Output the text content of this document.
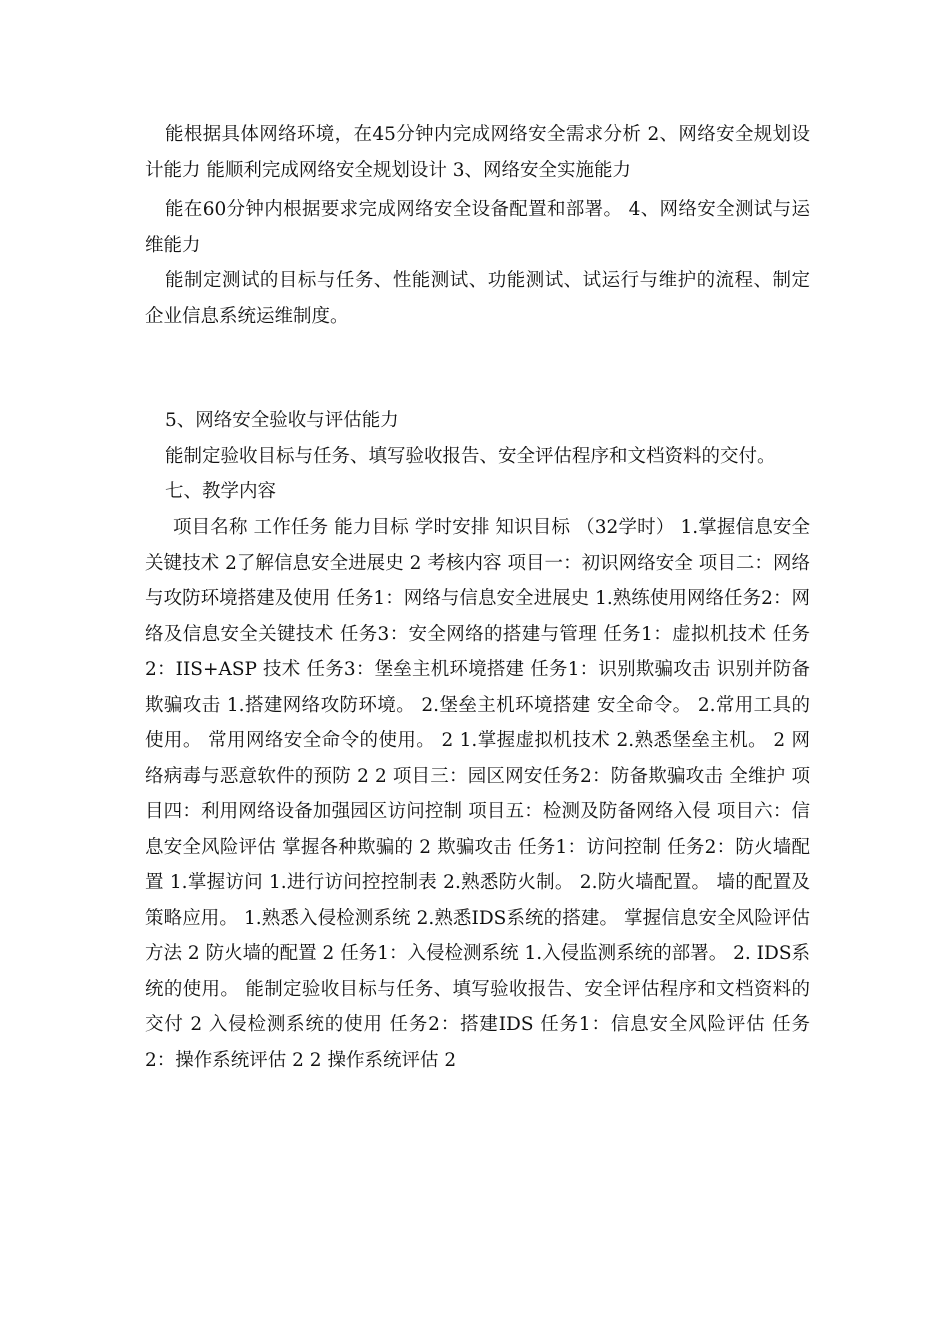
能根据具体网络环境，在45分钟内完成网络安全需求分析 2、网络安全规划设计能力 能顺利完成网络安全规划设计 3、网络安全实施能力

能在60分钟内根据要求完成网络安全设备配置和部署。 4、网络安全测试与运维能力

能制定测试的目标与任务、性能测试、功能测试、试运行与维护的流程、制定企业信息系统运维制度。

5、网络安全验收与评估能力

能制定验收目标与任务、填写验收报告、安全评估程序和文档资料的交付。

七、教学内容

项目名称 工作任务 能力目标 学时安排 知识目标 （32学时） 1.掌握信息安全关键技术 2了解信息安全进展史 2 考核内容 项目一：初识网络安全 项目二：网络与攻防环境搭建及使用 任务1：网络与信息安全进展史 1.熟练使用网络任务2：网络及信息安全关键技术 任务3：安全网络的搭建与管理 任务1：虚拟机技术 任务2：IIS+ASP 技术 任务3：堡垒主机环境搭建 任务1：识别欺骗攻击 识别并防备欺骗攻击 1.搭建网络攻防环境。 2.堡垒主机环境搭建 安全命令。 2.常用工具的使用。 常用网络安全命令的使用。 2 1.掌握虚拟机技术 2.熟悉堡垒主机。 2 网络病毒与恶意软件的预防 2 2 项目三：园区网安任务2：防备欺骗攻击 全维护 项目四：利用网络设备加强园区访问控制 项目五：检测及防备网络入侵 项目六：信息安全风险评估 掌握各种欺骗的 2 欺骗攻击 任务1：访问控制 任务2：防火墙配置 1.掌握访问 1.进行访问控控制表 2.熟悉防火制。 2.防火墙配置。 墙的配置及策略应用。 1.熟悉入侵检测系统 2.熟悉IDS系统的搭建。 掌握信息安全风险评估方法 2 防火墙的配置 2 任务1：入侵检测系统 1.入侵监测系统的部署。 2. IDS系统的使用。 能制定验收目标与任务、填写验收报告、安全评估程序和文档资料的交付 2 入侵检测系统的使用 任务2：搭建IDS 任务1：信息安全风险评估 任务2：操作系统评估 2 2 操作系统评估 2
